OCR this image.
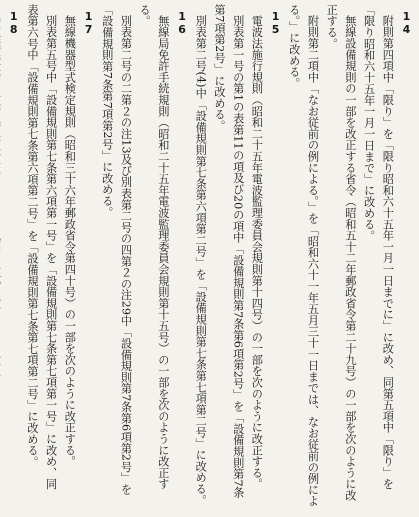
14
附則第四項中「限り」を「限り昭和六十五年一月一日までに」に改め、同第五項中「限り」を
「限り昭和六十五年一月一日まで」に改める。
無線設備規則の一部を改正する省令（昭和五十二年郵政省令第二十九号）の一部を次のように改
正する。
附則第二項中「なお従前の例による。」を「昭和六十一年五月三十一日までは、なお従前の例によ
る。」に改める。
15
電波法施行規則（昭和二十五年電波監理委員会規則第十四号）の一部を次のように改正する。
別表第一号の第1の表第11の項及び20の項中「設備規則第7条第6項第2号」を「設備規則第7条
第7項第2号」に改める。
別表第二号(4)中「設備規則第七条第六項第二号」を「設備規則第七条第七項第二号」に改める。
16
無線局免許手続規則（昭和二十五年電波監理委員会規則第十五号）の一部を次のように改正す
る。
別表第二号の二第２の注13及び別表第二号の四第２の注29中「設備規則第7条第6項第2号」を
「設備規則第7条第7項第2号」に改める。
17
無線機器型式検定規則（昭和三十六年郵政省令第四十号）の一部を次のように改正する。
別表第五号中「設備規則第七条第六項第一号」を「設備規則第七条第七項第一号」に改め、同
表第六号中「設備規則第七条第六項第二号」を「設備規則第七条第七項第二号」に改める。
18
